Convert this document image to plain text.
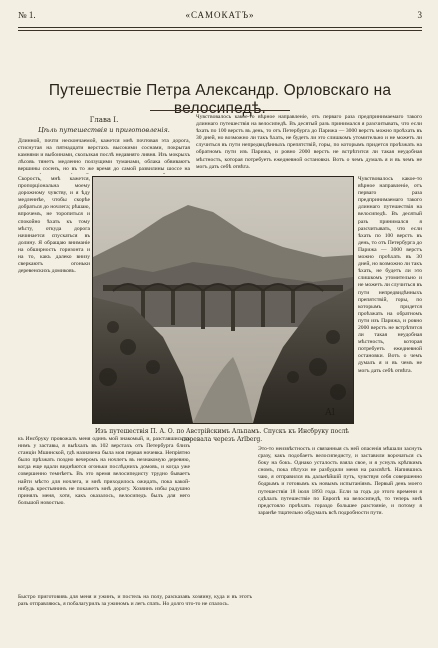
№ 1.	«САМОКАТЪ»	3
Путешествіе Петра Александр. Орловскаго на велосипедѣ.
Глава I.
Цѣль путешествія и приготовленія.
Длинной, почти нескончаемой, кажется мнѣ почтовая эта дорога, стиснутая на пятнадцати верстахъ высокими соснами, покрытая камнями и выбоинами, скользкая послѣ недавняго ливня. Изъ мокрыхъ лѣсовъ тянетъ медленно ползущими туманами, облака обвиваютъ вершины сосенъ, но въ то же время до самой развилины шоссе на
Скорость, мнѣ кажется, пропорціональна моему дорожному чувству, и я ѣду медленнѣе, чтобы скорѣе добраться до ночлега; рѣшаю, впрочемъ, не торопиться и спокойно ѣхать къ тому мѣсту, откуда дорога начинается спускаться въ долину. Я обращаю вниманіе на обширность горизонта и на то, какъ далеко внизу сверкаютъ огоньки деревенскихъ домиковъ.
Чувствовалось какое-то вѣрное направленіе, отъ перваго раза предпринимаемаго такого длиннаго путешествія на велосипедѣ. Въ десятый разъ принимался я разсчитывать, что если ѣхать по 100 верстъ въ день, то отъ Петербурга до Парижа — 3000 верстъ можно проѣхать въ 30 дней, но возможно ли такъ ѣхать, не будетъ ли это слишкомъ утомительно и не можетъ ли случиться въ пути непредвидѣнныхъ препятствій, горы, по которымъ придется проѣзжать на обратномъ пути изъ Парижа, и ровно 2000 верстъ не встрѣтится ли такая неудобная мѣстность, которая потребуетъ ежедневной остановки. Вотъ о чемъ думалъ я и въ чемъ не могъ дать себѣ отвѣта.
Чувствовалось какое-то вѣрное направленіе, отъ перваго раза предпринимаемаго такого длиннаго путешествія на велосипедѣ. Въ десятый разъ принимался я разсчитывать, что если ѣхать по 100 верстъ въ день, то отъ Петербурга до Парижа — 3000 верстъ можно проѣхать въ 30 дней, но возможно ли такъ ѣхать, не будетъ ли это слишкомъ утомительно и не можетъ ли случиться въ пути непредвидѣнныхъ препятствій, горы, по которымъ придется проѣзжать на обратномъ пути изъ Парижа, и ровно 2000 верстъ не встрѣтится ли такая неудобная мѣстность, которая потребуетъ ежедневной остановки. Вотъ о чемъ думалъ я и въ чемъ не могъ дать себѣ отвѣта.
Аl
Изъ путешествія П. А. О. по Австрійскимъ Альпамъ. Спускъ къ Инсбруку послѣ перевала черезъ Arlberg.
къ Инсбруку провожалъ меня одинъ мой знакомый, и, разставшись съ нимъ у заставы, я выѣхалъ въ 102 верстахъ отъ Петербурга близъ станціи Мшинской, гдѣ назначена была моя первая ночевка. Непріятно было прѣзжать поздно вечеромъ на ночлегъ въ незнакомую деревню, когда еще вдали виднѣются огоньки послѣднихъ домовъ, и когда уже совершенно темнѣетъ. Въ это время велосипедисту трудно бываетъ найти мѣсто для ночлега, и мнѣ приходилось ожидать, пока какой-нибудь крестьянинъ не покажетъ мнѣ дорогу. Хозяинъ избы радушно принялъ меня, хотя, какъ оказалось, велосипедъ былъ для него большой новостью.
Это-то неизвѣстность и связанныя съ ней опасенія мѣшали заснуть сразу, какъ подобаетъ велосипедисту, и заставили ворочаться съ боку на бокъ. Однако усталость взяла свое, и я уснулъ крѣпкимъ сномъ, пока пѣтухи не разбудили меня на разсвѣтѣ. Напившись чаю, я отправился въ дальнѣйшій путь, чувствуя себя совершенно бодрымъ и готовымъ къ новымъ испытаніямъ. Первый день моего путешествія 18 іюля 1893 года. Если за годъ до этого времени я сдѣлалъ путешествіе по Европѣ на велосипедѣ, то теперь мнѣ предстояло проѣхать гораздо большее разстояніе, и потому я заранѣе тщательно обдумалъ всѣ подробности пути.
Быстро приготовивъ для меня и ужинъ, и постель на полу, разсказавъ хозяину, куда и въ этотъ разъ отправляюсь, я побалагурилъ за ужиномъ и легъ спать. Но долго что-то не спалось.
